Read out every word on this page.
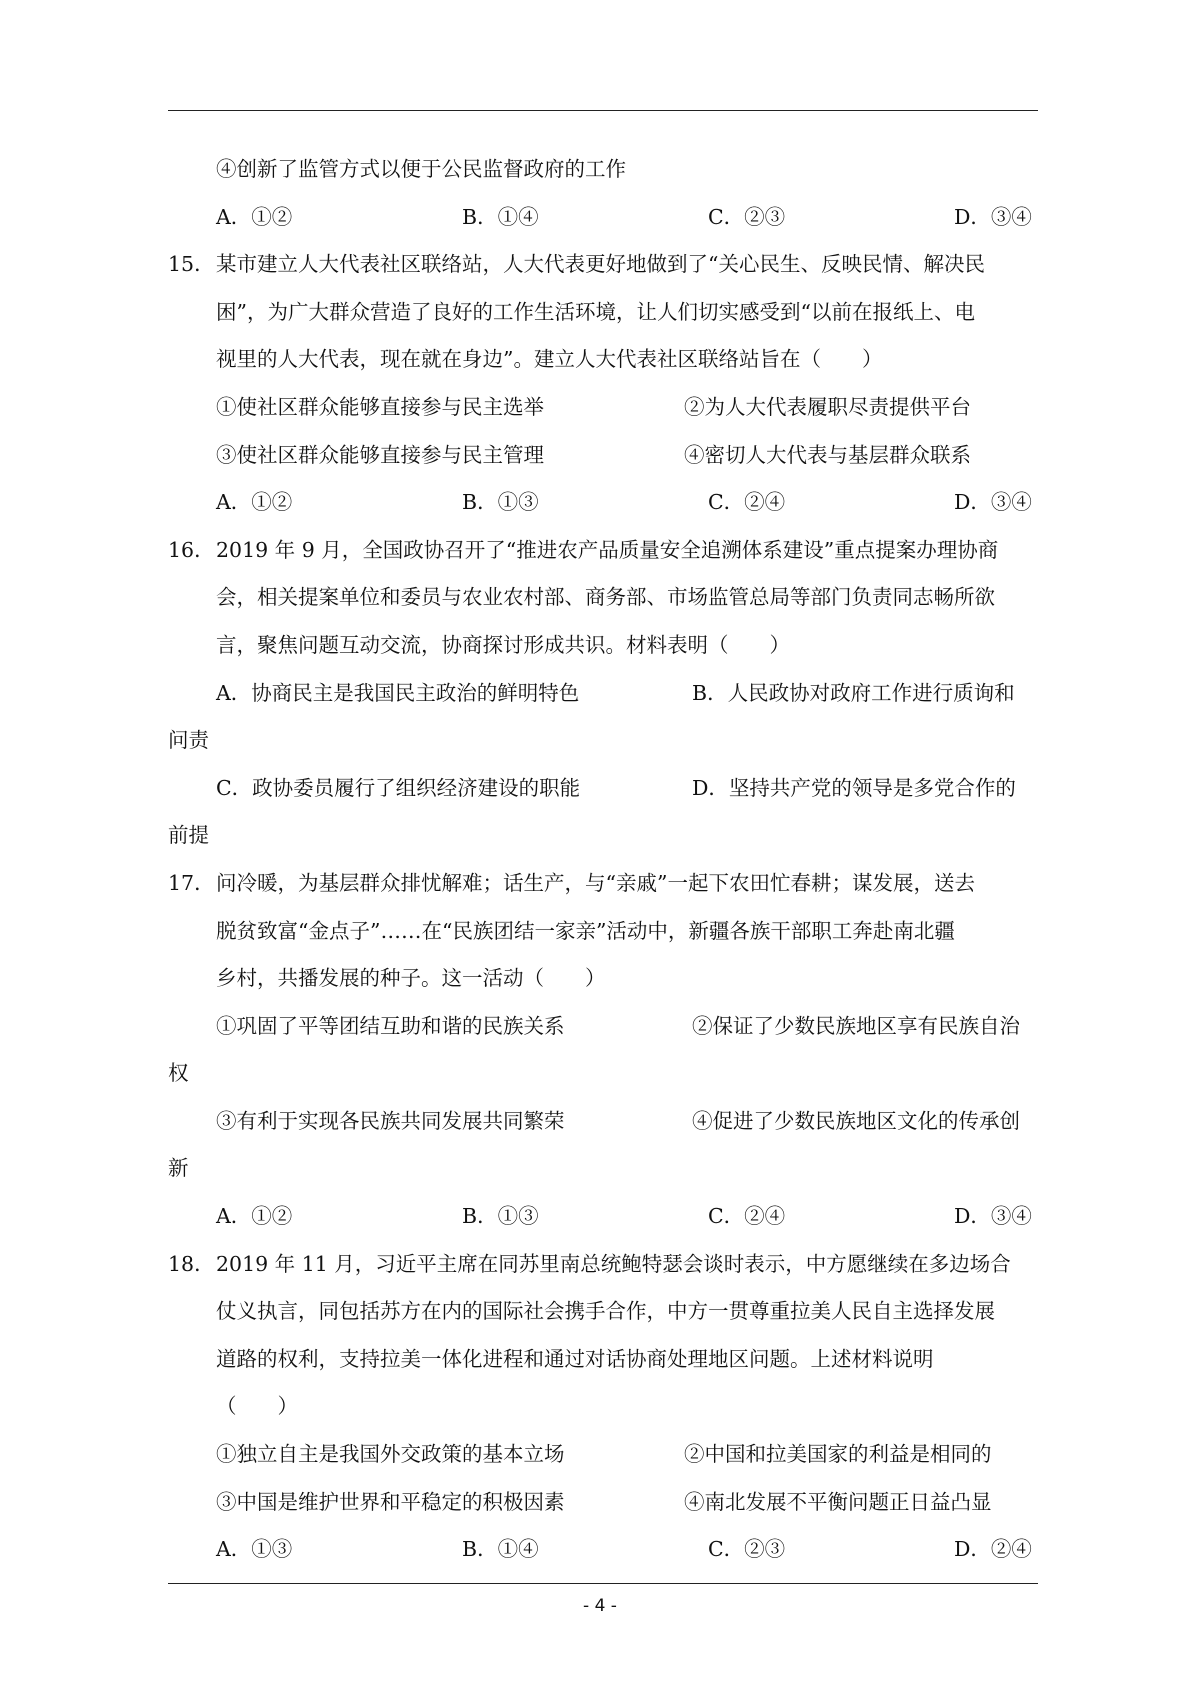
④创新了监管方式以便于公民监督政府的工作
A．①②	B．①④	C．②③	D．③④
15．某市建立人大代表社区联络站，人大代表更好地做到了“关心民生、反映民情、解决民
困”，为广大群众营造了良好的工作生活环境，让人们切实感受到“以前在报纸上、电
视里的人大代表，现在就在身边”。建立人大代表社区联络站旨在（　　）
①使社区群众能够直接参与民主选举	②为人大代表履职尽责提供平台
③使社区群众能够直接参与民主管理	④密切人大代表与基层群众联系
A．①②	B．①③	C．②④	D．③④
16．2019 年 9 月，全国政协召开了“推进农产品质量安全追溯体系建设”重点提案办理协商
会，相关提案单位和委员与农业农村部、商务部、市场监管总局等部门负责同志畅所欲
言，聚焦问题互动交流，协商探讨形成共识。材料表明（　　）
A．协商民主是我国民主政治的鲜明特色	B．人民政协对政府工作进行质询和
问责
C．政协委员履行了组织经济建设的职能	D．坚持共产党的领导是多党合作的
前提
17．问冷暖，为基层群众排忧解难；话生产，与“亲戚”一起下农田忙春耕；谋发展，送去
脱贫致富“金点子”……在“民族团结一家亲”活动中，新疆各族干部职工奔赴南北疆
乡村，共播发展的种子。这一活动（　　）
①巩固了平等团结互助和谐的民族关系	②保证了少数民族地区享有民族自治
权
③有利于实现各民族共同发展共同繁荣	④促进了少数民族地区文化的传承创
新
A．①②	B．①③	C．②④	D．③④
18．2019 年 11 月，习近平主席在同苏里南总统鲍特瑟会谈时表示，中方愿继续在多边场合
仗义执言，同包括苏方在内的国际社会携手合作，中方一贯尊重拉美人民自主选择发展
道路的权利，支持拉美一体化进程和通过对话协商处理地区问题。上述材料说明
（　　）
①独立自主是我国外交政策的基本立场	②中国和拉美国家的利益是相同的
③中国是维护世界和平稳定的积极因素	④南北发展不平衡问题正日益凸显
A．①③	B．①④	C．②③	D．②④
- 4 -
